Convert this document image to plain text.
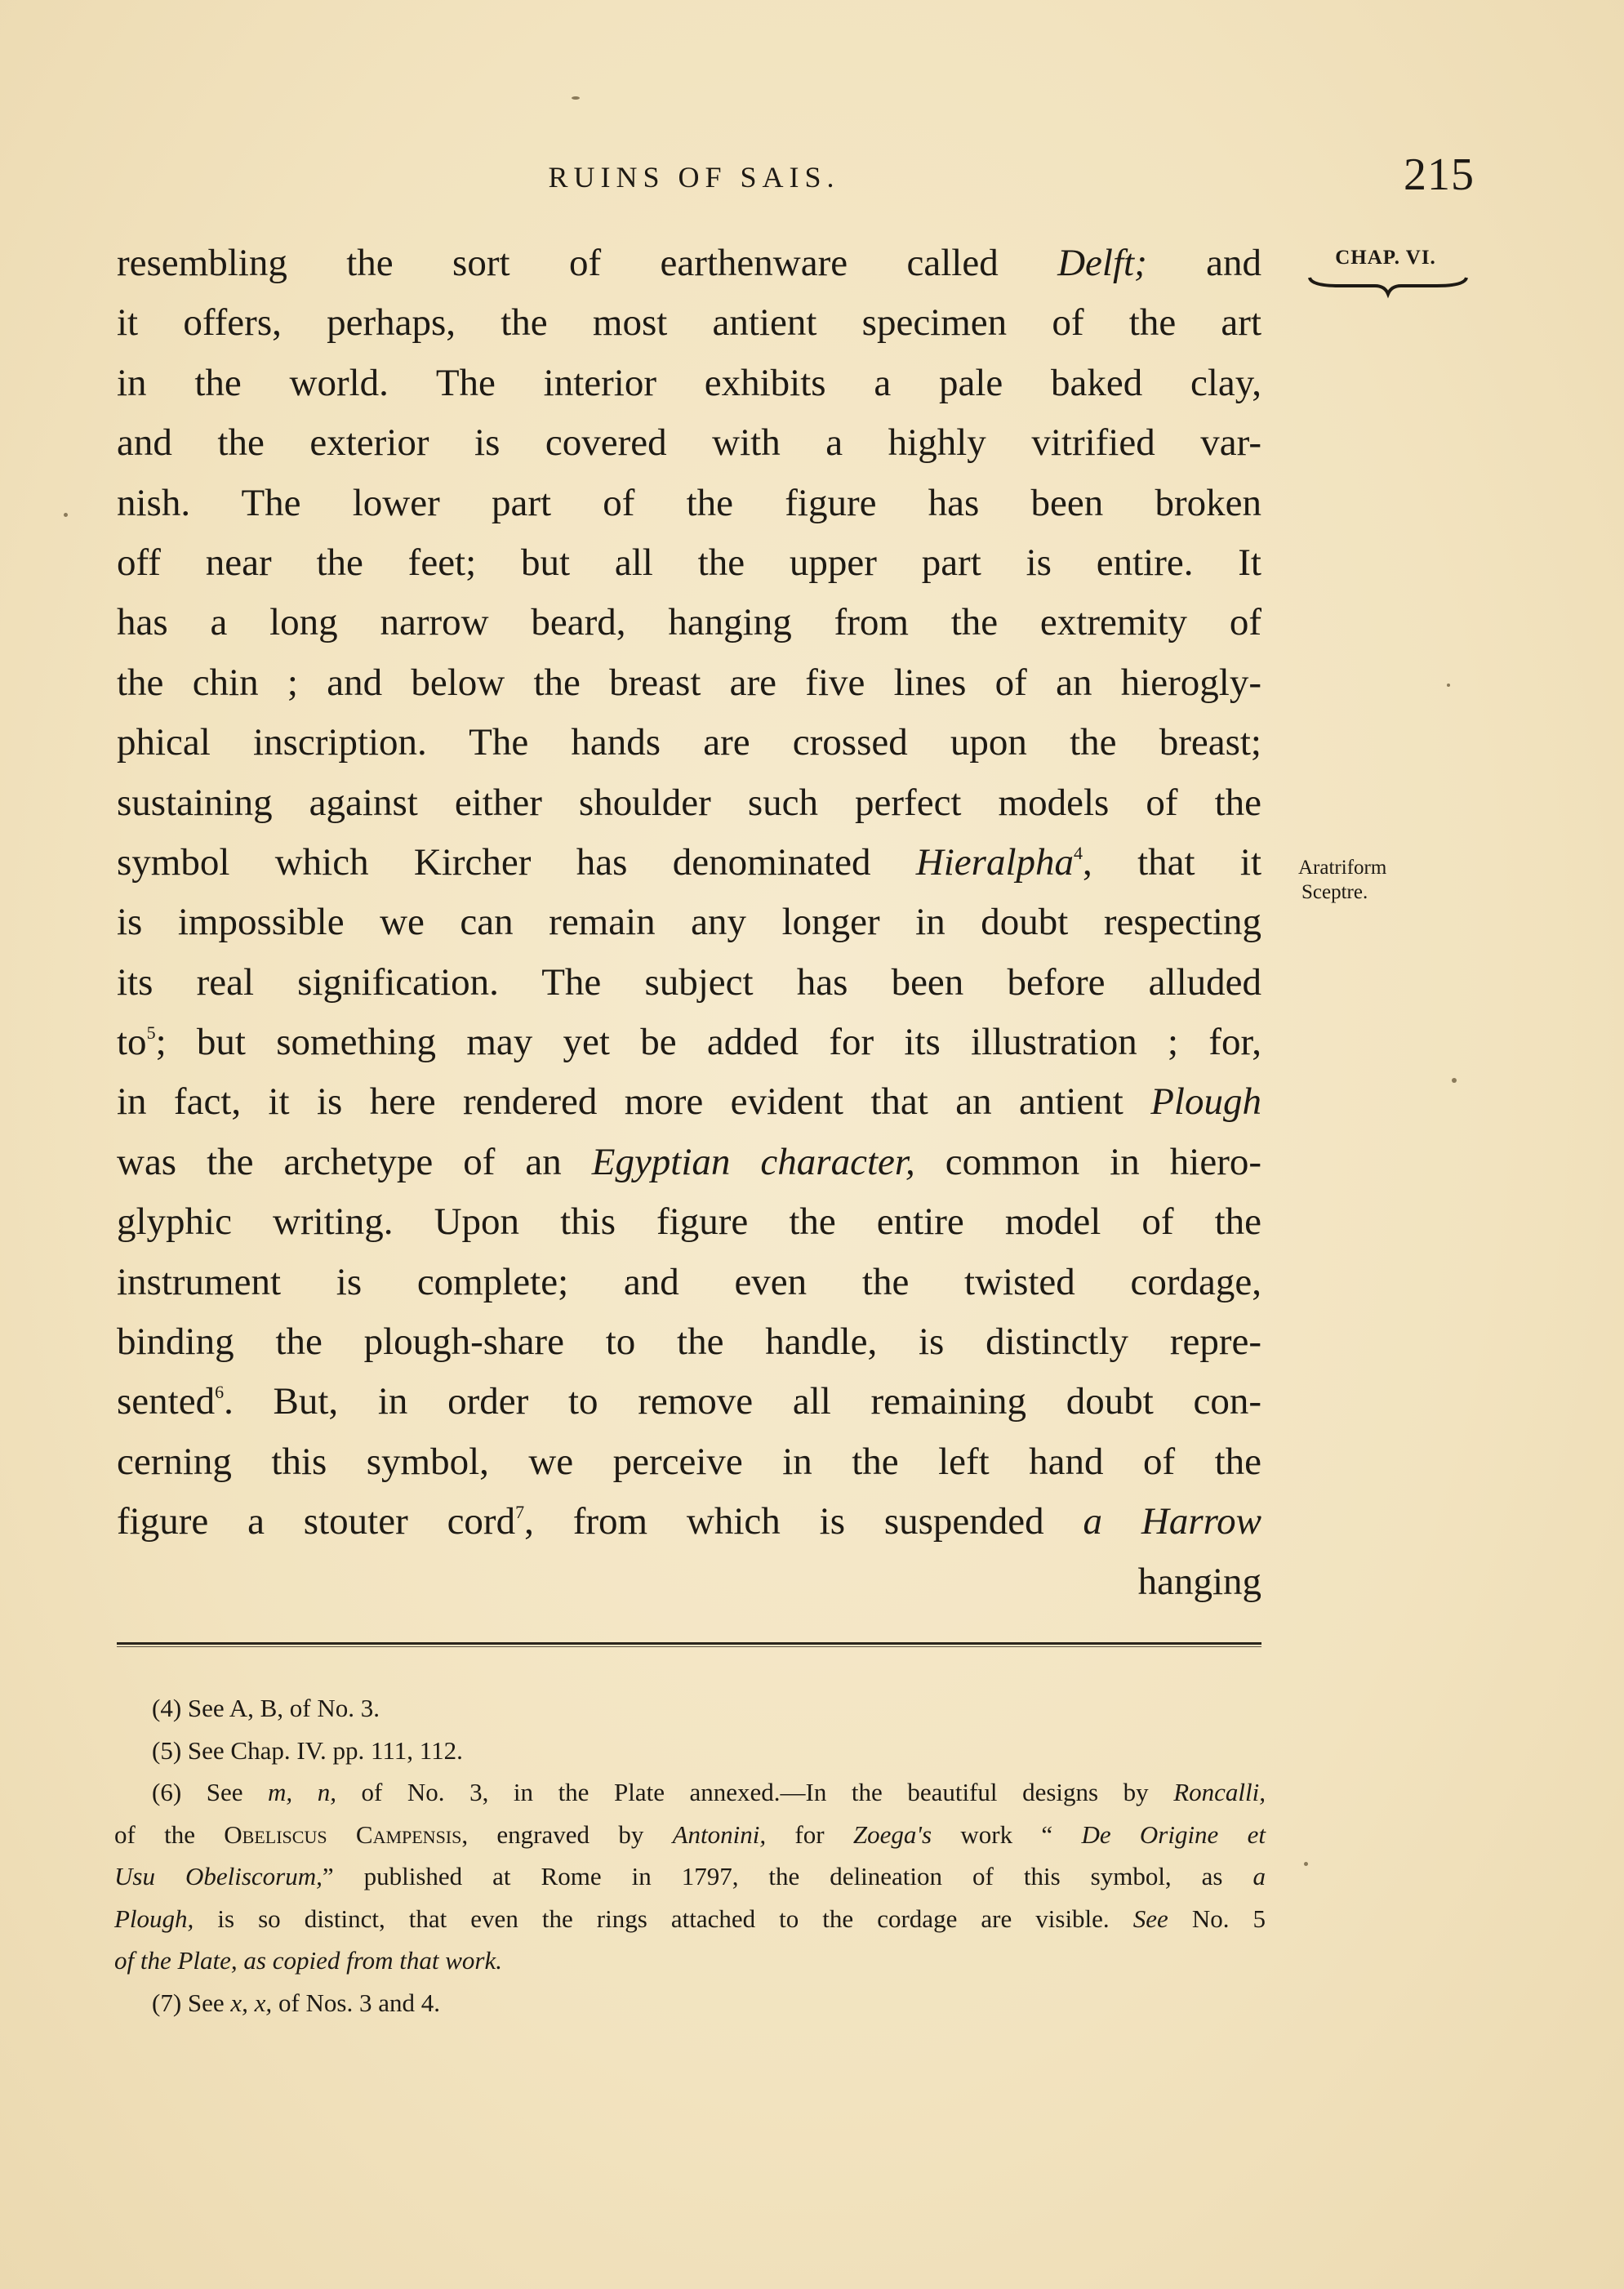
RUINS OF SAIS.	215
CHAP. VI.
Aratriform
Sceptre.
resembling the sort of earthenware called Delft; and
it offers, perhaps, the most antient specimen of the art
in the world. The interior exhibits a pale baked clay,
and the exterior is covered with a highly vitrified var-
nish. The lower part of the figure has been broken
off near the feet; but all the upper part is entire. It
has a long narrow beard, hanging from the extremity of
the chin ; and below the breast are five lines of an hierogly-
phical inscription. The hands are crossed upon the breast;
sustaining against either shoulder such perfect models of the
symbol which Kircher has denominated Hieralpha$^4$, that it
is impossible we can remain any longer in doubt respecting
its real signification. The subject has been before alluded
$to^5$; but something may yet be added for its illustration ; for,
in fact, it is here rendered more evident that an antient Plough
was the archetype of an Egyptian character, common in hiero-
glyphic writing. Upon this figure the entire model of the
instrument is complete; and even the twisted cordage,
binding the plough-share to the handle, is distinctly repre-
sented$^6$. But, in order to remove all remaining doubt con-
cerning this symbol, we perceive in the left hand of the
figure a stouter cord$^7$, from which is suspended a Harrow
hanging
(4) See A, B, of No. 3.
(5) See Chap. IV. pp. 111, 112.
(6) See m, n, of No. 3, in the Plate annexed.—In the beautiful designs by Roncalli,
of the Obeliscus Campensis, engraved by Antonini, for Zoega's work “ De Origine et
Usu Obeliscorum,” published at Rome in 1797, the delineation of this symbol, as a
Plough, is so distinct, that even the rings attached to the cordage are visible. See No. 5
of the Plate, as copied from that work.
(7) See x, x, of Nos. 3 and 4.
